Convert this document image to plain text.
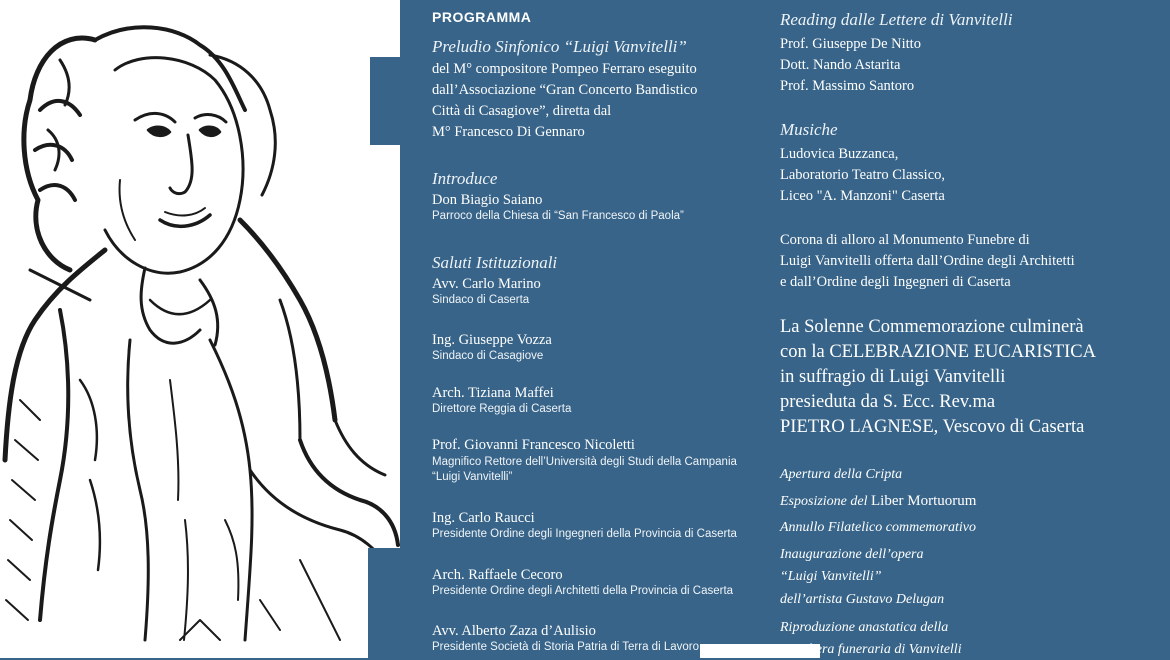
PROGRAMMA
Preludio Sinfonico “Luigi Vanvitelli”
del M° compositore Pompeo Ferraro eseguito
dall’Associazione “Gran Concerto Bandistico
Città di Casagiove”, diretta dal
M° Francesco Di Gennaro
Introduce
Don Biagio Saiano
Parroco della Chiesa di “San Francesco di Paola”
Saluti Istituzionali
Avv. Carlo Marino
Sindaco di Caserta
Ing. Giuseppe Vozza
Sindaco di Casagiove
Arch. Tiziana Maffei
Direttore Reggia di Caserta
Prof. Giovanni Francesco Nicoletti
Magnifico Rettore dell’Università degli Studi della Campania
“Luigi Vanvitelli”
Ing. Carlo Raucci
Presidente Ordine degli Ingegneri della Provincia di Caserta
Arch. Raffaele Cecoro
Presidente Ordine degli Architetti della Provincia di Caserta
Avv. Alberto Zaza d’Aulisio
Presidente Società di Storia Patria di Terra di Lavoro
Reading dalle Lettere di Vanvitelli
Prof. Giuseppe De Nitto
Dott. Nando Astarita
Prof. Massimo Santoro
Musiche
Ludovica Buzzanca,
Laboratorio Teatro Classico,
Liceo "A. Manzoni" Caserta
Corona di alloro al Monumento Funebre di
Luigi Vanvitelli offerta dall’Ordine degli Architetti
e dall’Ordine degli Ingegneri di Caserta
La Solenne Commemorazione culminerà
con la CELEBRAZIONE EUCARISTICA
in suffragio di Luigi Vanvitelli
presieduta da S. Ecc. Rev.ma
PIETRO LAGNESE, Vescovo di Caserta
Apertura della Cripta
Esposizione del Liber Mortuorum
Annullo Filatelico commemorativo
Inaugurazione dell’opera
“Luigi Vanvitelli”
dell’artista Gustavo Delugan
Riproduzione anastatica della
maschera funeraria di Vanvitelli
